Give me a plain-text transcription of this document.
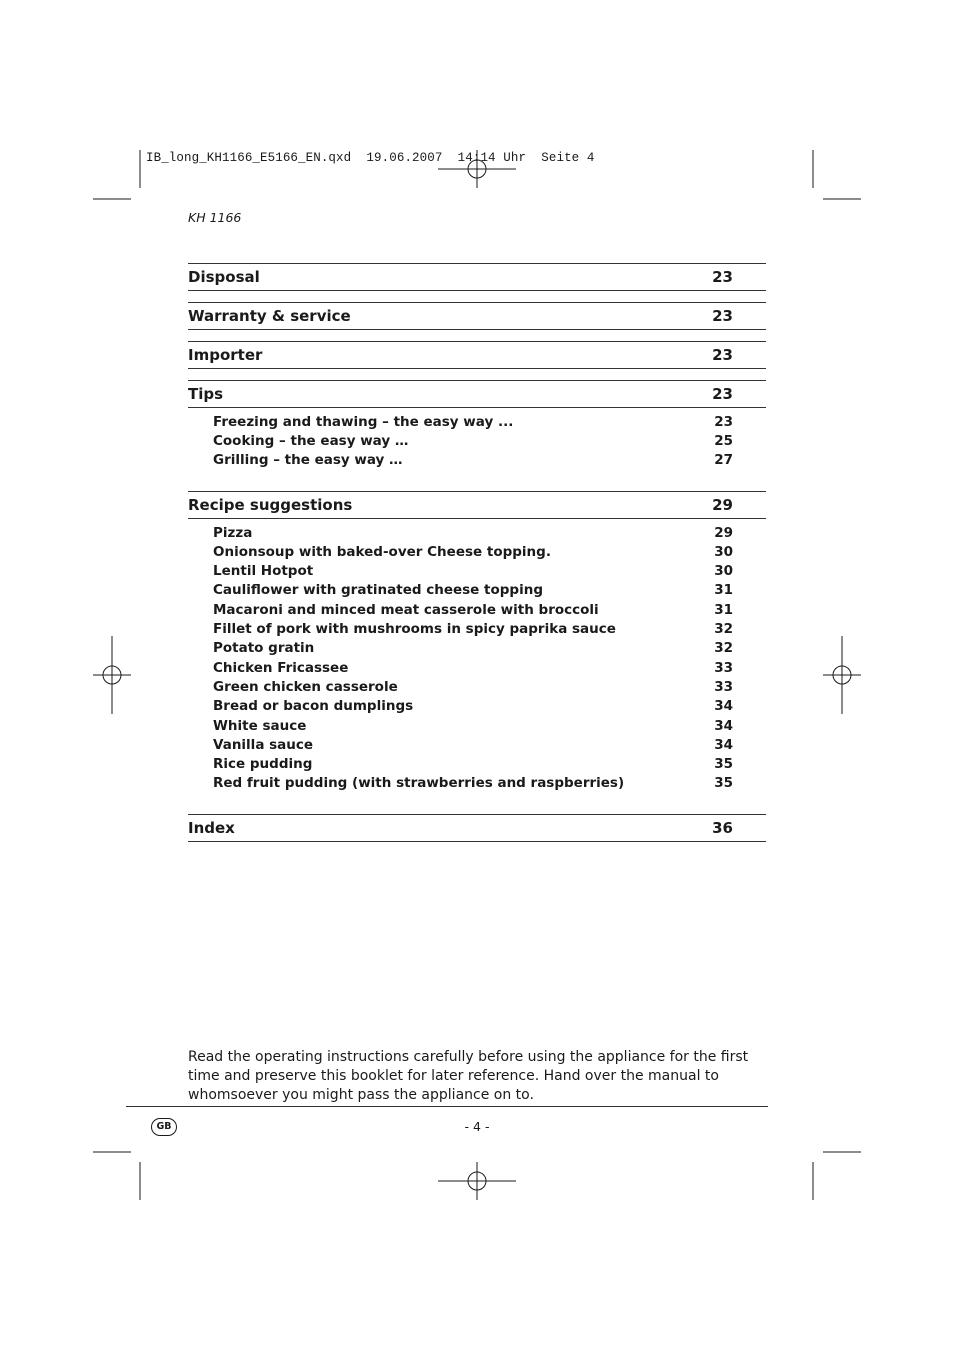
IB_long_KH1166_E5166_EN.qxd  19.06.2007  14:14 Uhr  Seite 4
KH 1166
Disposal	23
Warranty & service	23
Importer	23
Tips	23
Freezing and thawing – the easy way ...	23
Cooking – the easy way …	25
Grilling – the easy way …	27
Recipe suggestions	29
Pizza	29
Onionsoup with baked-over Cheese topping.	30
Lentil Hotpot	30
Cauliflower with gratinated cheese topping	31
Macaroni and minced meat casserole with broccoli	31
Fillet of pork with mushrooms in spicy paprika sauce	32
Potato gratin	32
Chicken Fricassee	33
Green chicken casserole	33
Bread or bacon dumplings	34
White sauce	34
Vanilla sauce	34
Rice pudding	35
Red fruit pudding (with strawberries and raspberries)	35
Index	36
Read the operating instructions carefully before using the appliance for the first time and preserve this booklet for later reference. Hand over the manual to whomsoever you might pass the appliance on to.
GB	- 4 -
